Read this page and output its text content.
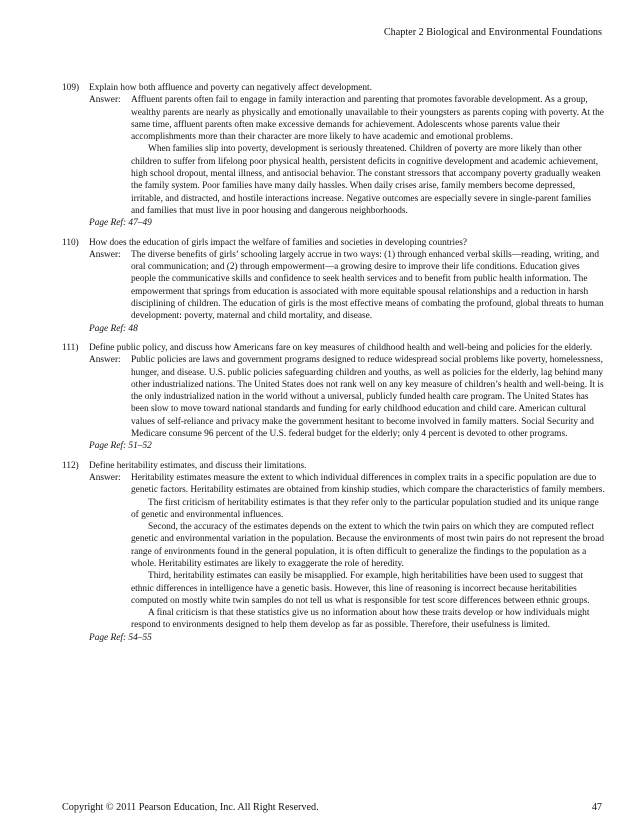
Chapter 2 Biological and Environmental Foundations
109) Explain how both affluence and poverty can negatively affect development.
Answer: Affluent parents often fail to engage in family interaction and parenting that promotes favorable development. As a group, wealthy parents are nearly as physically and emotionally unavailable to their youngsters as parents coping with poverty. At the same time, affluent parents often make excessive demands for achievement. Adolescents whose parents value their accomplishments more than their character are more likely to have academic and emotional problems.

When families slip into poverty, development is seriously threatened. Children of poverty are more likely than other children to suffer from lifelong poor physical health, persistent deficits in cognitive development and academic achievement, high school dropout, mental illness, and antisocial behavior. The constant stressors that accompany poverty gradually weaken the family system. Poor families have many daily hassles. When daily crises arise, family members become depressed, irritable, and distracted, and hostile interactions increase. Negative outcomes are especially severe in single-parent families and families that must live in poor housing and dangerous neighborhoods.

Page Ref: 47–49
110) How does the education of girls impact the welfare of families and societies in developing countries?
Answer: The diverse benefits of girls’ schooling largely accrue in two ways: (1) through enhanced verbal skills—reading, writing, and oral communication; and (2) through empowerment—a growing desire to improve their life conditions. Education gives people the communicative skills and confidence to seek health services and to benefit from public health information. The empowerment that springs from education is associated with more equitable spousal relationships and a reduction in harsh disciplining of children. The education of girls is the most effective means of combating the profound, global threats to human development: poverty, maternal and child mortality, and disease.

Page Ref: 48
111) Define public policy, and discuss how Americans fare on key measures of childhood health and well-being and policies for the elderly.
Answer: Public policies are laws and government programs designed to reduce widespread social problems like poverty, homelessness, hunger, and disease. U.S. public policies safeguarding children and youths, as well as policies for the elderly, lag behind many other industrialized nations. The United States does not rank well on any key measure of children’s health and well-being. It is the only industrialized nation in the world without a universal, publicly funded health care program. The United States has been slow to move toward national standards and funding for early childhood education and child care. American cultural values of self-reliance and privacy make the government hesitant to become involved in family matters. Social Security and Medicare consume 96 percent of the U.S. federal budget for the elderly; only 4 percent is devoted to other programs.

Page Ref: 51–52
112) Define heritability estimates, and discuss their limitations.
Answer: Heritability estimates measure the extent to which individual differences in complex traits in a specific population are due to genetic factors. Heritability estimates are obtained from kinship studies, which compare the characteristics of family members.

The first criticism of heritability estimates is that they refer only to the particular population studied and its unique range of genetic and environmental influences.

Second, the accuracy of the estimates depends on the extent to which the twin pairs on which they are computed reflect genetic and environmental variation in the population. Because the environments of most twin pairs do not represent the broad range of environments found in the general population, it is often difficult to generalize the findings to the population as a whole. Heritability estimates are likely to exaggerate the role of heredity.

Third, heritability estimates can easily be misapplied. For example, high heritabilities have been used to suggest that ethnic differences in intelligence have a genetic basis. However, this line of reasoning is incorrect because heritabilities computed on mostly white twin samples do not tell us what is responsible for test score differences between ethnic groups.

A final criticism is that these statistics give us no information about how these traits develop or how individuals might respond to environments designed to help them develop as far as possible. Therefore, their usefulness is limited.

Page Ref: 54–55
Copyright © 2011 Pearson Education, Inc. All Right Reserved.	47
